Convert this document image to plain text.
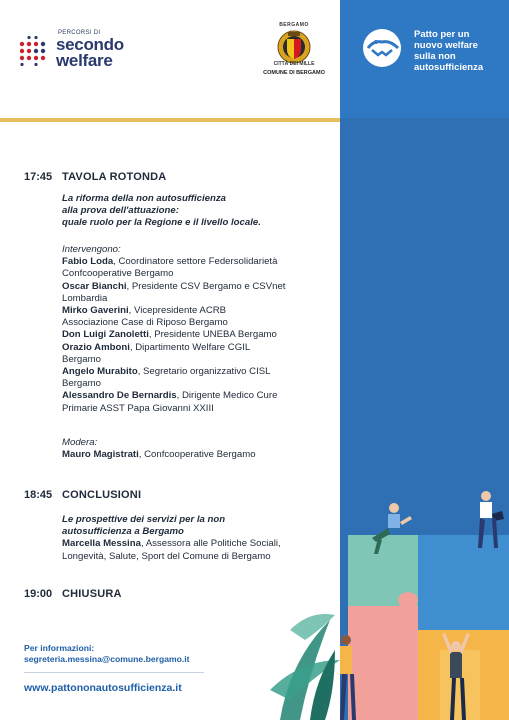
PERCORSI DI
secondo
welfare
BERGAMO
COMUNE DI BERGAMO
CITTÀ DEI MILLE
Patto per un
nuovo welfare
sulla non
autosufficienza
17:45 TAVOLA ROTONDA
La riforma della non autosufficienza
alla prova dell'attuazione:
quale ruolo per la Regione e il livello locale.
Intervengono:
Fabio Loda, Coordinatore settore Federsolidarietà
Confcooperative Bergamo
Oscar Bianchi, Presidente CSV Bergamo e CSVnet
Lombardia
Mirko Gaverini, Vicepresidente ACRB
Associazione Case di Riposo Bergamo
Don Luigi Zanoletti, Presidente UNEBA Bergamo
Orazio Amboni, Dipartimento Welfare CGIL
Bergamo
Angelo Murabito, Segretario organizzativo CISL
Bergamo
Alessandro De Bernardis, Dirigente Medico Cure
Primarie ASST Papa Giovanni XXIII
Modera:
Mauro Magistrati, Confcooperative Bergamo
18:45 CONCLUSIONI
Le prospettive dei servizi per la non
autosufficienza a Bergamo
Marcella Messina, Assessora alle Politiche Sociali,
Longevità, Salute, Sport del Comune di Bergamo
19:00 CHIUSURA
Per informazioni:
segreteria.messina@comune.bergamo.it
www.pattononautosufficienza.it
